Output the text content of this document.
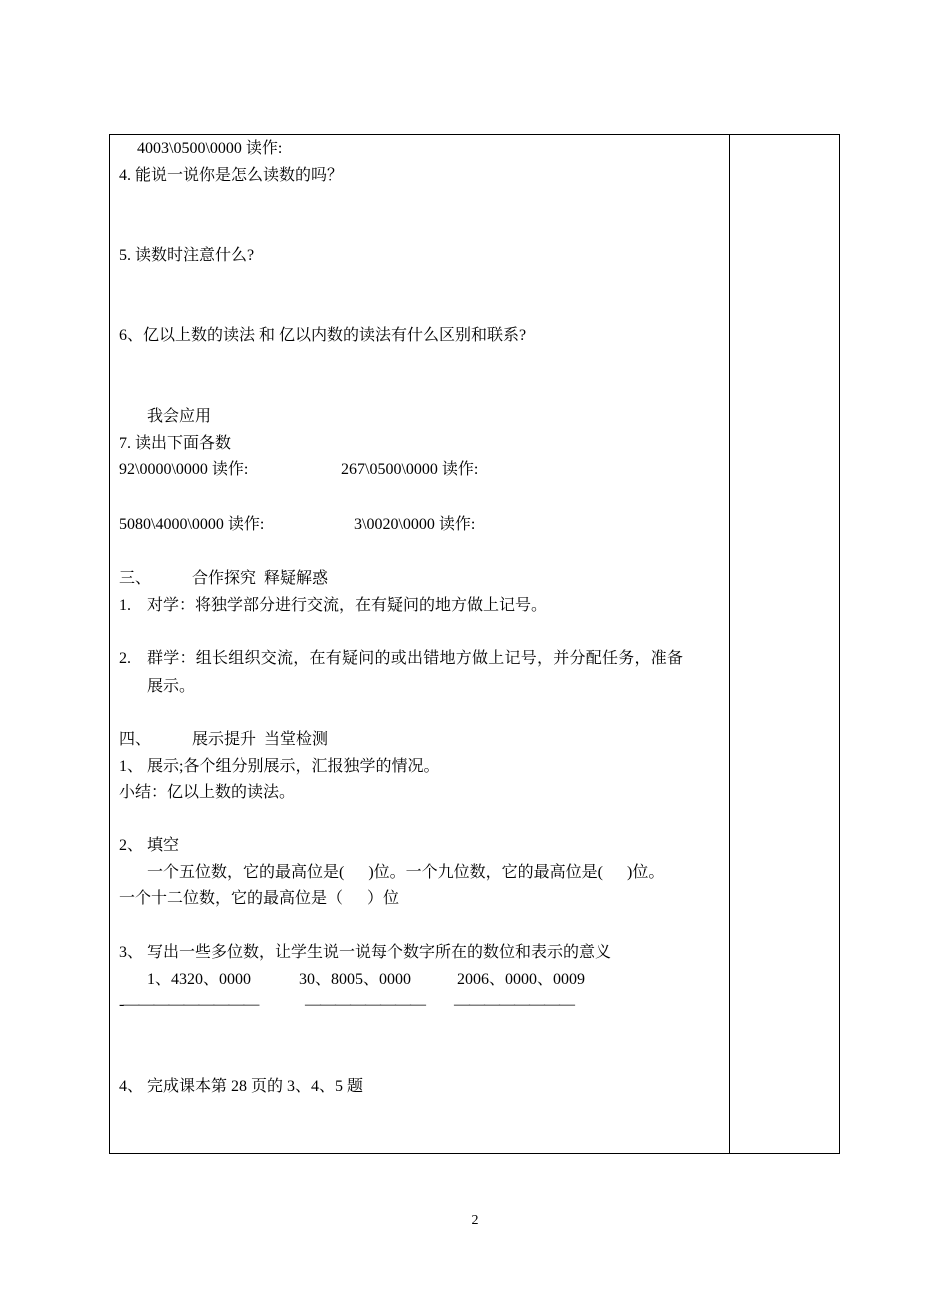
4003\0500\0000 读作:
4. 能说一说你是怎么读数的吗？
5. 读数时注意什么?
6、亿以上数的读法 和 亿以内数的读法有什么区别和联系?
我会应用
7. 读出下面各数
92\0000\0000 读作:	267\0500\0000 读作:
5080\4000\0000 读作:	3\0020\0000 读作:
三、	合作探究  释疑解惑
1. 对学：将独学部分进行交流，在有疑问的地方做上记号。
2. 群学：组长组织交流，在有疑问的或出错地方做上记号，并分配任务，准备
展示。
四、	展示提升  当堂检测
1、 展示;各个组分别展示，汇报独学的情况。
小结：亿以上数的读法。
2、 填空
一个五位数，它的最高位是(      )位。一个九位数，它的最高位是(      )位。
一个十二位数，它的最高位是（      ）位
3、 写出一些多位数，让学生说一说每个数字所在的数位和表示的意义
1、4320、0000	30、8005、0000	2006、0000、0009
-—————————	———————— ————————
4、 完成课本第 28 页的 3、4、5 题
2
